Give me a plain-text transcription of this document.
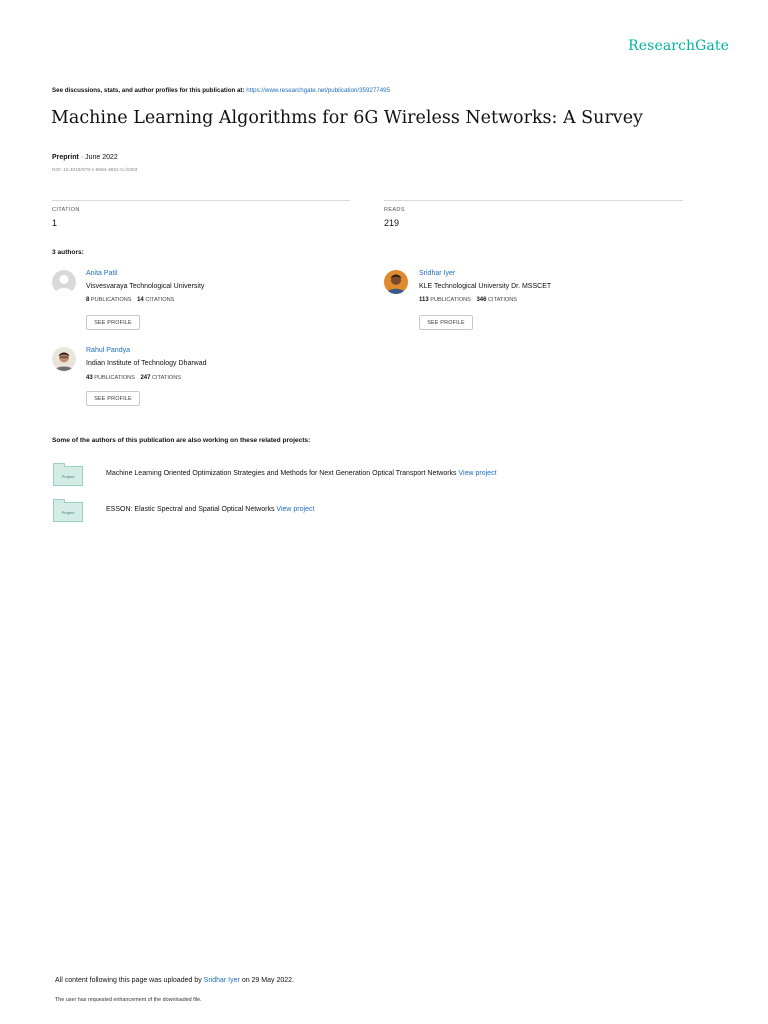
ResearchGate
See discussions, stats, and author profiles for this publication at: https://www.researchgate.net/publication/359277495
Machine Learning Algorithms for 6G Wireless Networks: A Survey
Preprint · June 2022
DOI: 10.4018/978-1-6684-3921-0.ch003
CITATION
1
READS
219
3 authors:
Anita Patil
Visvesvaraya Technological University
8 PUBLICATIONS 14 CITATIONS
SEE PROFILE
Sridhar Iyer
KLE Technological University Dr. MSSCET
113 PUBLICATIONS 346 CITATIONS
SEE PROFILE
Rahul Pandya
Indian Institute of Technology Dharwad
43 PUBLICATIONS 247 CITATIONS
SEE PROFILE
Some of the authors of this publication are also working on these related projects:
Project	Machine Learning Oriented Optimization Strategies and Methods for Next Generation Optical Transport Networks View project
Project	ESSON: Elastic Spectral and Spatial Optical Networks View project
All content following this page was uploaded by Sridhar Iyer on 29 May 2022.
The user has requested enhancement of the downloaded file.
